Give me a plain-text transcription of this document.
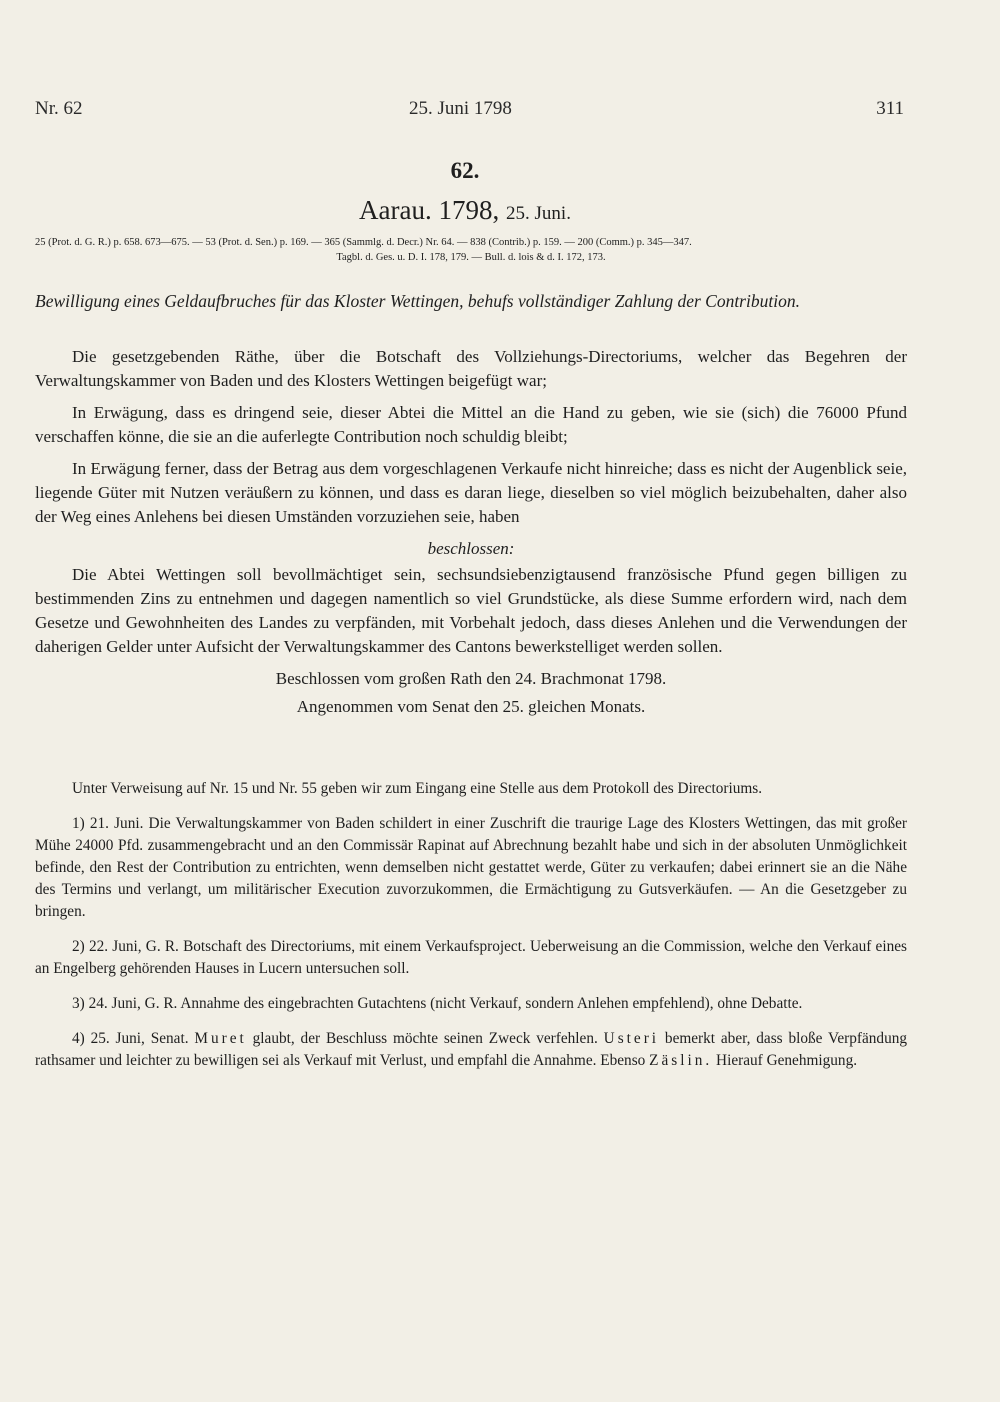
Nr. 62	25. Juni 1798	311
62.
Aarau. 1798, 25. Juni.

25 (Prot. d. G. R.) p. 658. 673—675. — 53 (Prot. d. Sen.) p. 169. — 365 (Sammlg. d. Decr.) Nr. 64. — 838 (Contrib.) p. 159. — 200 (Comm.) p. 345—347.

Tagbl. d. Ges. u. D. I. 178, 179. — Bull. d. lois & d. I. 172, 173.

Bewilligung eines Geldaufbruches für das Kloster Wettingen, behufs vollständiger Zahlung der Contribution.

Die gesetzgebenden Räthe, über die Botschaft des Vollziehungs-Directoriums, welcher das Begehren der Verwaltungskammer von Baden und des Klosters Wettingen beigefügt war;

In Erwägung, dass es dringend seie, dieser Abtei die Mittel an die Hand zu geben, wie sie (sich) die 76000 Pfund verschaffen könne, die sie an die auferlegte Contribution noch schuldig bleibt;

In Erwägung ferner, dass der Betrag aus dem vorgeschlagenen Verkaufe nicht hinreiche; dass es nicht der Augenblick seie, liegende Güter mit Nutzen veräußern zu können, und dass es daran liege, dieselben so viel möglich beizubehalten, daher also der Weg eines Anlehens bei diesen Umständen vorzuziehen seie, haben

beschlossen:

Die Abtei Wettingen soll bevollmächtiget sein, sechsundsiebenzigtausend französische Pfund gegen billigen zu bestimmenden Zins zu entnehmen und dagegen namentlich so viel Grundstücke, als diese Summe erfordern wird, nach dem Gesetze und Gewohnheiten des Landes zu verpfänden, mit Vorbehalt jedoch, dass dieses Anlehen und die Verwendungen der daherigen Gelder unter Aufsicht der Verwaltungskammer des Cantons bewerkstelliget werden sollen.

Beschlossen vom großen Rath den 24. Brachmonat 1798.

Angenommen vom Senat den 25. gleichen Monats.

Unter Verweisung auf Nr. 15 und Nr. 55 geben wir zum Eingang eine Stelle aus dem Protokoll des Directoriums.

1) 21. Juni. Die Verwaltungskammer von Baden schildert in einer Zuschrift die traurige Lage des Klosters Wettingen, das mit großer Mühe 24000 Pfd. zusammengebracht und an den Commissär Rapinat auf Abrechnung bezahlt habe und sich in der absoluten Unmöglichkeit befinde, den Rest der Contribution zu entrichten, wenn demselben nicht gestattet werde, Güter zu verkaufen; dabei erinnert sie an die Nähe des Termins und verlangt, um militärischer Execution zuvorzukommen, die Ermächtigung zu Gutsverkäufen. — An die Gesetzgeber zu bringen.

2) 22. Juni, G. R. Botschaft des Directoriums, mit einem Verkaufsproject. Ueberweisung an die Commission, welche den Verkauf eines an Engelberg gehörenden Hauses in Lucern untersuchen soll.

3) 24. Juni, G. R. Annahme des eingebrachten Gutachtens (nicht Verkauf, sondern Anlehen empfehlend), ohne Debatte.

4) 25. Juni, Senat. Muret glaubt, der Beschluss möchte seinen Zweck verfehlen. Usteri bemerkt aber, dass bloße Verpfändung rathsamer und leichter zu bewilligen sei als Verkauf mit Verlust, und empfahl die Annahme. Ebenso Zäslin. Hierauf Genehmigung.
